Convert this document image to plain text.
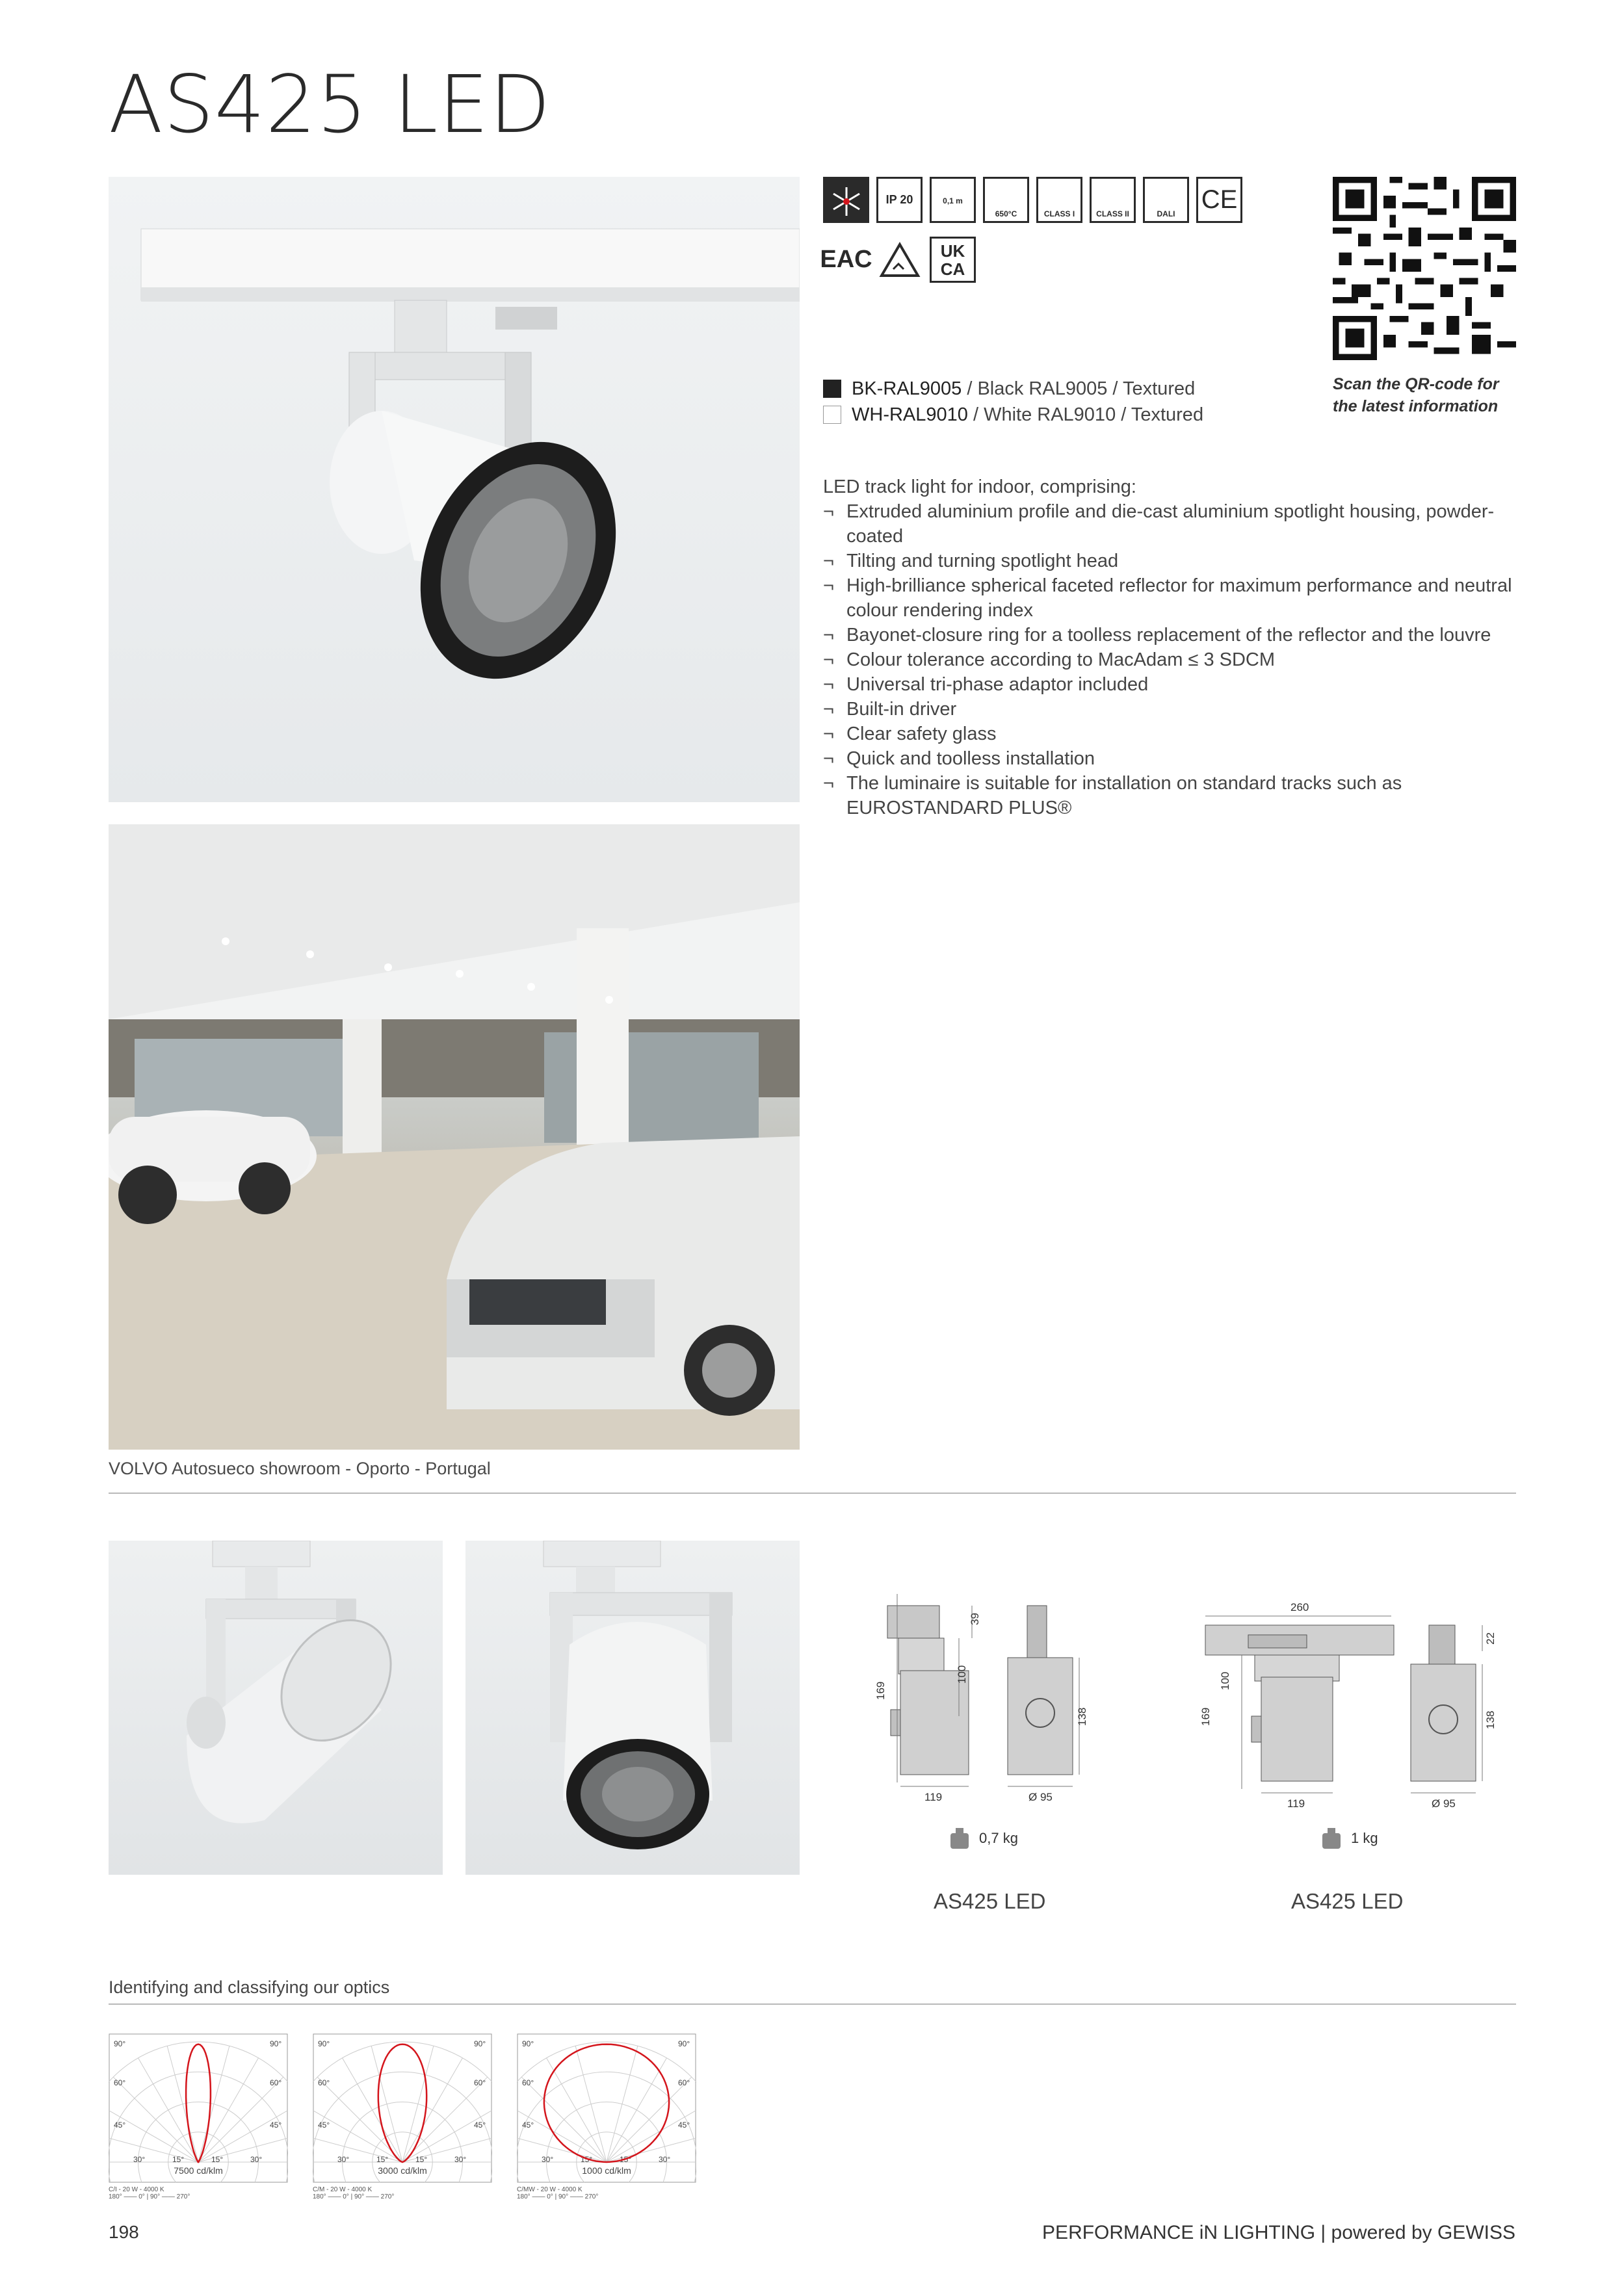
AS425 LED
IP 20	0,1 m
650°C	CLASS I	CLASS II	DALI CE
EAC	UK CA
Scan the QR-code for
the latest information
BK-RAL9005 / Black RAL9005 / Textured
WH-RAL9010 / White RAL9010 / Textured
LED track light for indoor, comprising:
¬ Extruded aluminium profile and die-cast aluminium spotlight housing, powder-coated
¬ Tilting and turning spotlight head
¬ High-brilliance spherical faceted reflector for maximum performance and neutral colour rendering index
¬ Bayonet-closure ring for a toolless replacement of the reflector and the louvre
¬ Colour tolerance according to MacAdam ≤ 3 SDCM
¬ Universal tri-phase adaptor included
¬ Built-in driver
¬ Clear safety glass
¬ Quick and toolless installation
¬ The luminaire is suitable for installation on standard tracks such as EUROSTANDARD PLUS®
VOLVO Autosueco showroom - Oporto - Portugal
39
100
169
138
119	Ø 95
0,7 kg
AS425 LED
260
22
100
169	138
119	Ø 95
1 kg
AS425 LED
Identifying and classifying our optics
90°	90°
60°	60°
45°	45°
30°	30°
15°	15°
7500 cd/klm
C/I - 20 W - 4000 K
180° —— 0° | 90° —— 270°
90°	90°
60°	60°
45°	45°
30°	30°
15°	15°
3000 cd/klm
C/M - 20 W - 4000 K
180° —— 0° | 90° —— 270°
90°	90°
60°	60°
45°	45°
30°	30°
15°	15°
1000 cd/klm
C/MW - 20 W - 4000 K
180° —— 0° | 90° —— 270°
198	PERFORMANCE iN LIGHTING | powered by GEWISS
